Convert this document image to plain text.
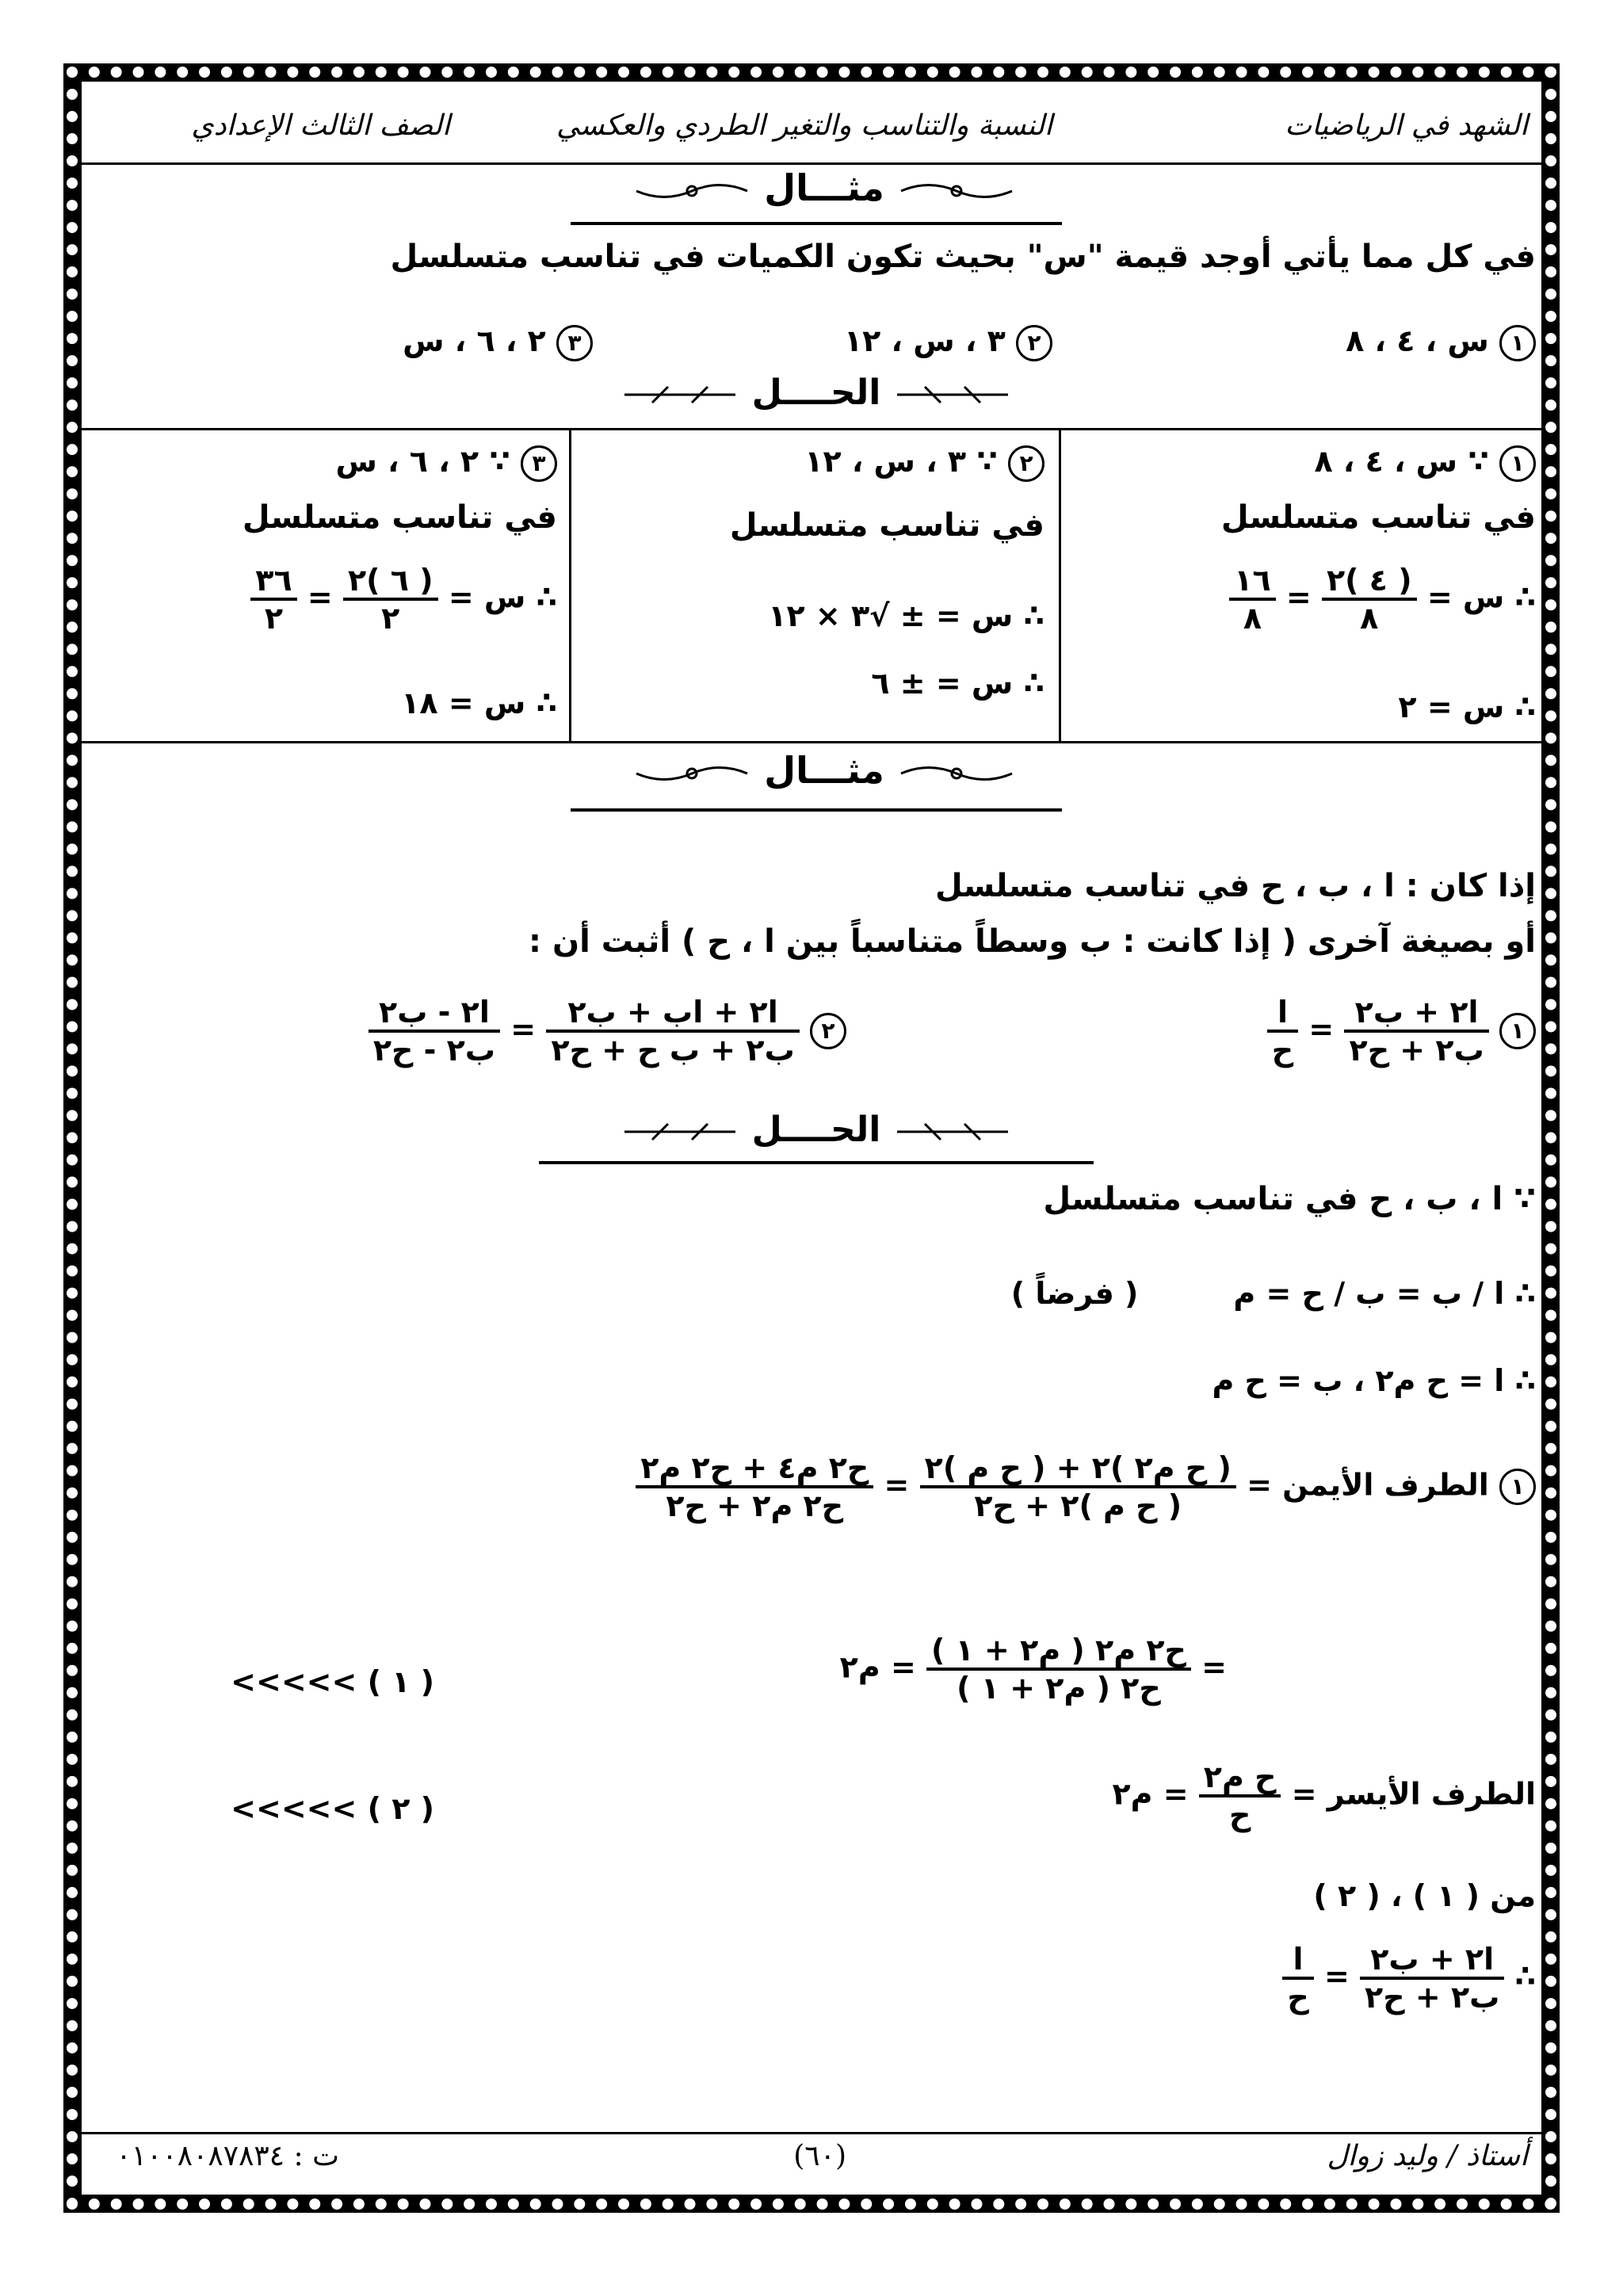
الشهد في الرياضيات
النسبة والتناسب والتغير الطردي والعكسي
الصف الثالث الإعدادي
مثـــال
في كل مما يأتي أوجد قيمة "س" بحيث تكون الكميات في تناسب متسلسل
١ س ، ٤ ، ٨
٢ ٣ ، س ، ١٢
٣ ٢ ، ٦ ، س
الحــــل
١ ∵ س ، ٤ ، ٨
في تناسب متسلسل
∴ س =
$\frac{( ٤ )٢}{٨}$
=
$\frac{١٦}{٨}$
∴ س = ٢
٢ ∵ ٣ ، س ، ١٢
في تناسب متسلسل
∴ س = ± √٣ × ١٢
∴ س = ± ٦
٣ ∵ ٢ ، ٦ ، س
في تناسب متسلسل
∴ س =
$\frac{( ٦ )٢}{٢}$
=
$\frac{٣٦}{٢}$
∴ س = ١٨
مثـــال
إذا كان : ا ، ب ، ح في تناسب متسلسل
أو بصيغة آخرى ( إذا كانت : ب وسطاً متناسباً بين ا ، ح ) أثبت أن :
١
$\frac{\text{ا٢ + ب٢}}{\text{ب٢ + ح٢}}$
=
$\frac{\text{ا}}{\text{ح}}$
٢
$\frac{\text{ا٢ + اب + ب٢}}{\text{ب٢ + ب ح + ح٢}}$
=
$\frac{\text{ا٢ - ب٢}}{\text{ب٢ - ح٢}}$
الحــــل
∵ ا ، ب ، ح في تناسب متسلسل
∴ ا / ب = ب / ح = م( فرضاً )
∴ ا = ح م٢ ، ب = ح م
١ الطرف الأيمن =
$\frac{\text{( ح م٢ )٢ + ( ح م )٢}}{\text{( ح م )٢ + ح٢}}$
=
$\frac{\text{ح٢ م٤ + ح٢ م٢}}{\text{ح٢ م٢ + ح٢}}$
=
$\frac{\text{ح٢ م٢ ( م٢ + ١ )}}{\text{ح٢ ( م٢ + ١ )}}$
= م٢
( ١ ) >>>>>
الطرف الأيسر =
$\frac{\text{ح م٢}}{\text{ح}}$
= م٢
( ٢ ) >>>>>
من ( ١ ) ، ( ٢ )
∴
$\frac{\text{ا٢ + ب٢}}{\text{ب٢ + ح٢}}$
=
$\frac{\text{ا}}{\text{ح}}$
أستاذ / وليد زوال
(٦٠)
ت : ٠١٠٠٨٠٨٧٨٣٤
